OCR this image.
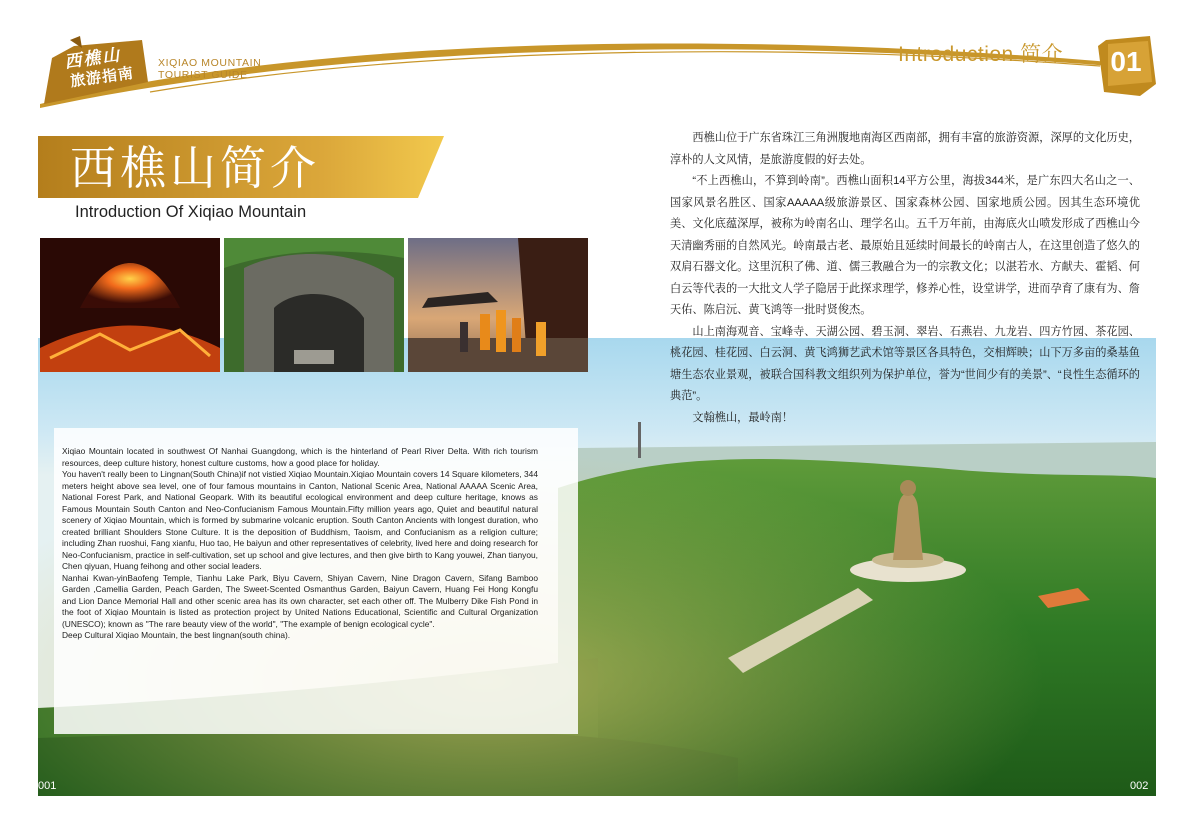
西樵山
旅游指南
XIQIAO MOUNTAIN
TOURIST GUIDE
Introduction 简介 01
西樵山简介
Introduction Of Xiqiao Mountain

西樵山位于广东省珠江三角洲腹地南海区西南部，拥有丰富的旅游资源，深厚的文化历史，淳朴的人文风情，是旅游度假的好去处。

“不上西樵山，不算到岭南”。西樵山面积14平方公里，海拔344米，是广东四大名山之一、国家风景名胜区、国家AAAAA级旅游景区、国家森林公园、国家地质公园。因其生态环境优美、文化底蕴深厚，被称为岭南名山、理学名山。五千万年前，由海底火山喷发形成了西樵山今天清幽秀丽的自然风光。岭南最古老、最原始且延续时间最长的岭南古人，在这里创造了悠久的双肩石器文化。这里沉积了佛、道、儒三教融合为一的宗教文化；以湛若水、方献夫、霍韬、何白云等代表的一大批文人学子隐居于此探求理学，修养心性，设堂讲学，进而孕育了康有为、詹天佑、陈启沅、黄飞鸿等一批时贤俊杰。

山上南海观音、宝峰寺、天湖公园、碧玉洞、翠岩、石燕岩、九龙岩、四方竹园、茶花园、桃花园、桂花园、白云洞、黄飞鸿狮艺武术馆等景区各具特色，交相辉映；山下万多亩的桑基鱼塘生态农业景观，被联合国科教文组织列为保护单位，誉为“世间少有的美景”、“良性生态循环的典范”。

文翰樵山，最岭南！

Xiqiao Mountain located in southwest Of Nanhai Guangdong, which is the hinterland of Pearl River Delta. With rich tourism resources, deep culture history, honest culture customs, how a good place for holiday.

You haven't really been to Lingnan(South China)if not vistied Xiqiao Mountain.Xiqiao Mountain covers 14 Square kilometers, 344 meters height above sea level, one of four famous mountains in Canton, National Scenic Area, National AAAAA Scenic Area, National Forest Park, and National Geopark. With its beautiful ecological environment and deep culture heritage, knows as Famous Mountain South Canton and Neo-Confucianism Famous Mountain.Fifty million years ago, Quiet and beautiful natural scenery of Xiqiao Mountain, which is formed by submarine volcanic eruption. South Canton Ancients with longest duration, who created brilliant Shoulders Stone Culture. It is the deposition of Buddhism, Taoism, and Confucianism as a religion culture; including Zhan ruoshui, Fang xianfu, Huo tao, He baiyun and other representatives of celebrity, lived here and doing research for Neo-Confucianism, practice in self-cultivation, set up school and give lectures, and then give birth to Kang youwei, Zhan tianyou, Chen qiyuan, Huang feihong and other social leaders.

Nanhai Kwan-yinBaofeng Temple, Tianhu Lake Park, Biyu Cavern, Shiyan Cavern, Nine Dragon Cavern, Sifang Bamboo Garden ,Camellia Garden, Peach Garden, The Sweet-Scented Osmanthus Garden, Baiyun Cavern, Huang Fei Hong Kongfu and Lion Dance Memorial Hall and other scenic area has its own character, set each other off. The Mulberry Dike Fish Pond in the foot of Xiqiao Mountain is listed as protection project by United Nations Educational, Scientific and Cultural Organization (UNESCO); known as "The rare beauty view of the world", "The example of benign ecological cycle".

Deep Cultural Xiqiao Mountain, the best lingnan(south china).

001	002
